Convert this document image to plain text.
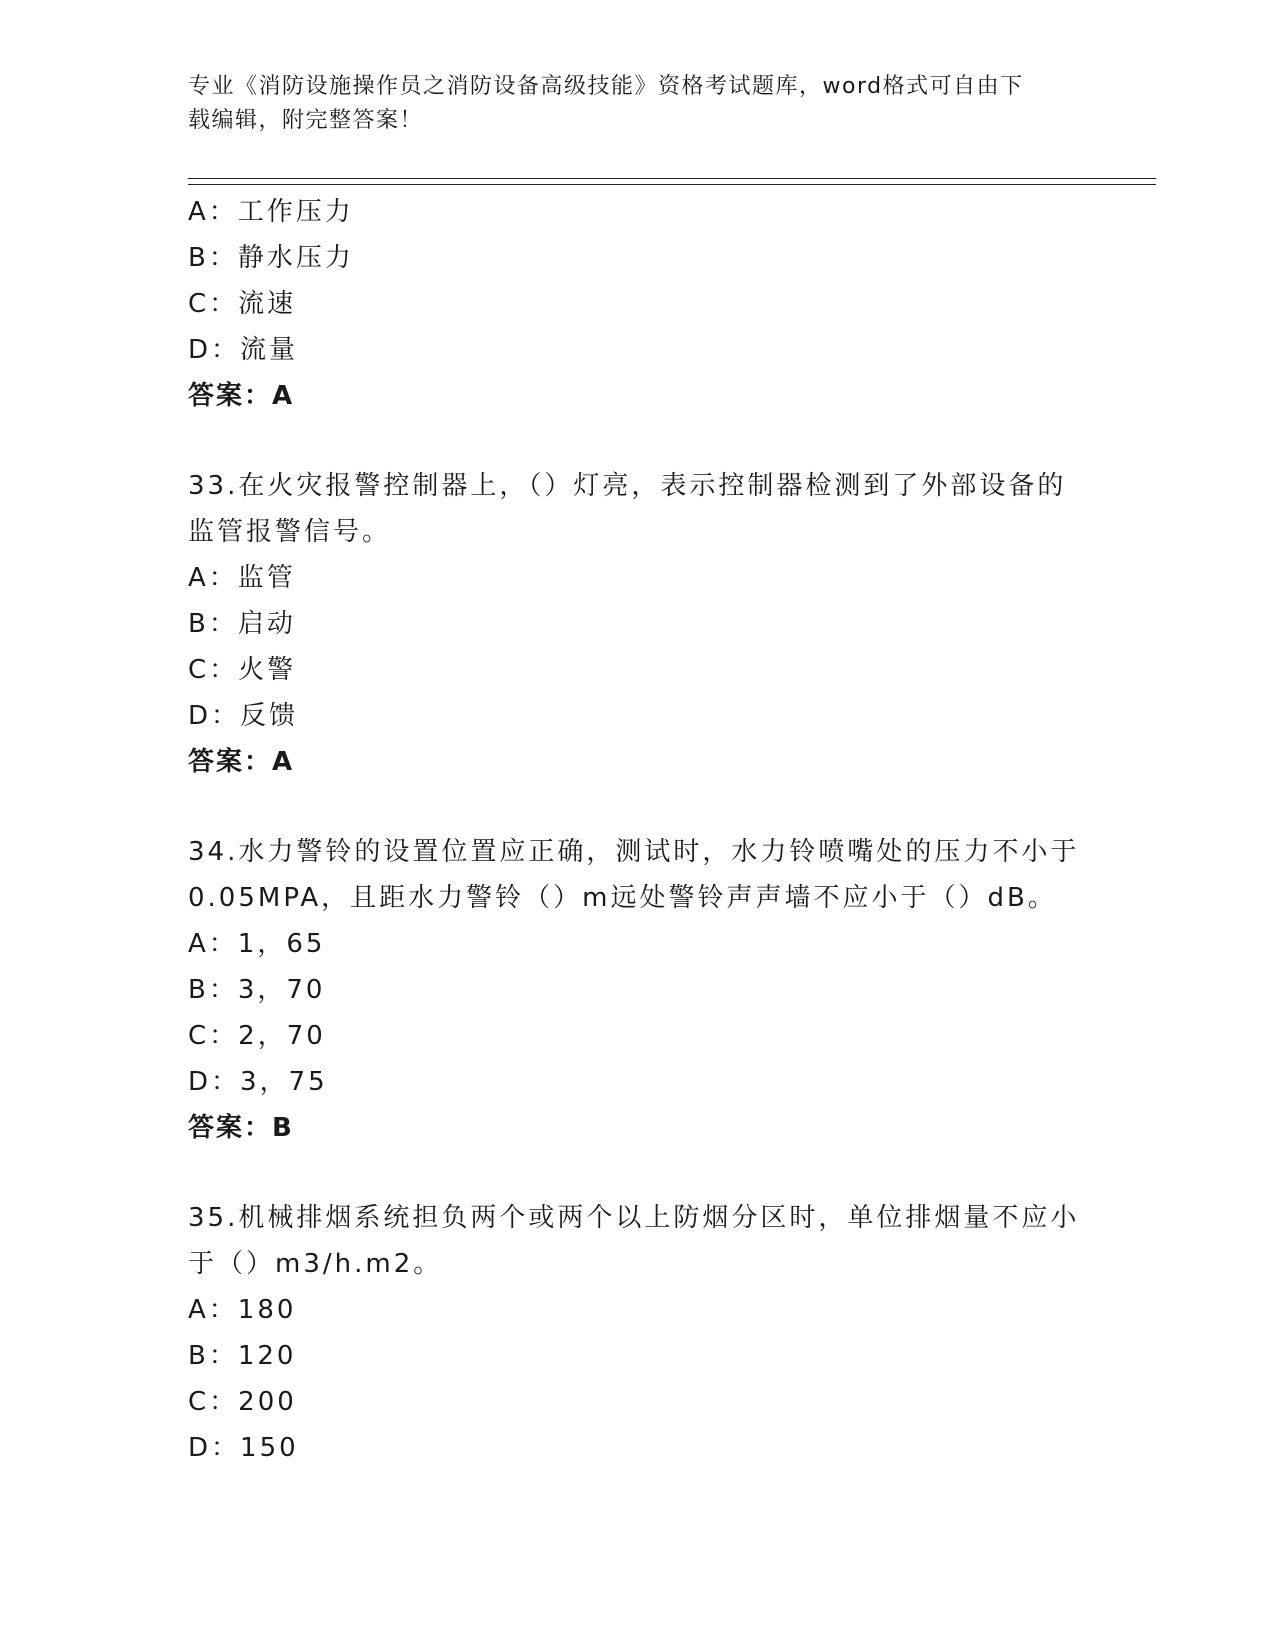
专业《消防设施操作员之消防设备高级技能》资格考试题库，word格式可自由下
载编辑，附完整答案！
A：工作压力
B：静水压力
C：流速
D：流量
答案：A
33.在火灾报警控制器上，（）灯亮，表示控制器检测到了外部设备的
监管报警信号。
A：监管
B：启动
C：火警
D：反馈
答案：A
34.水力警铃的设置位置应正确，测试时，水力铃喷嘴处的压力不小于
0.05MPA，且距水力警铃（）m远处警铃声声墙不应小于（）dB。
A：1，65
B：3，70
C：2，70
D：3，75
答案：B
35.机械排烟系统担负两个或两个以上防烟分区时，单位排烟量不应小
于（）m3/h.m2。
A：180
B：120
C：200
D：150
